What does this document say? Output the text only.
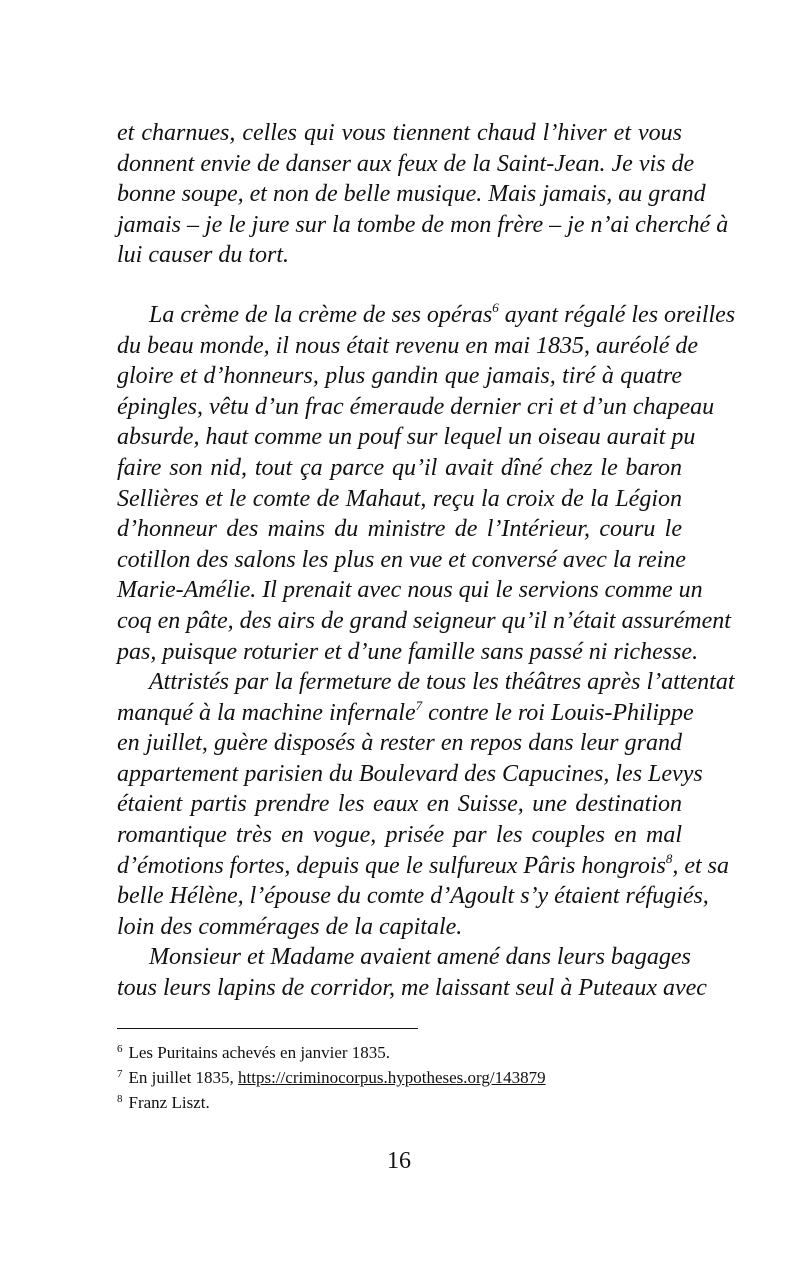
et charnues, celles qui vous tiennent chaud l’hiver et vous
donnent envie de danser aux feux de la Saint-Jean. Je vis de
bonne soupe, et non de belle musique. Mais jamais, au grand
jamais – je le jure sur la tombe de mon frère – je n’ai cherché à
lui causer du tort.
La crème de la crème de ses opéras$^6$ ayant régalé les oreilles
du beau monde, il nous était revenu en mai 1835, auréolé de
gloire et d’honneurs, plus gandin que jamais, tiré à quatre
épingles, vêtu d’un frac émeraude dernier cri et d’un chapeau
absurde, haut comme un pouf sur lequel un oiseau aurait pu
faire son nid, tout ça parce qu’il avait dîné chez le baron
Sellières et le comte de Mahaut, reçu la croix de la Légion
d’honneur des mains du ministre de l’Intérieur, couru le
cotillon des salons les plus en vue et conversé avec la reine
Marie-Amélie. Il prenait avec nous qui le servions comme un
coq en pâte, des airs de grand seigneur qu’il n’était assurément
pas, puisque roturier et d’une famille sans passé ni richesse.
Attristés par la fermeture de tous les théâtres après l’attentat
manqué à la machine infernale$^7$ contre le roi Louis-Philippe
en juillet, guère disposés à rester en repos dans leur grand
appartement parisien du Boulevard des Capucines, les Levys
étaient partis prendre les eaux en Suisse, une destination
romantique très en vogue, prisée par les couples en mal
d’émotions fortes, depuis que le sulfureux Pâris hongrois$^8$, et sa
belle Hélène, l’épouse du comte d’Agoult s’y étaient réfugiés,
loin des commérages de la capitale.
Monsieur et Madame avaient amené dans leurs bagages
tous leurs lapins de corridor, me laissant seul à Puteaux avec
$^6$ Les Puritains achevés en janvier 1835.
$^7$ En juillet 1835, https://criminocorpus.hypotheses.org/143879
$^8$ Franz Liszt.
16
